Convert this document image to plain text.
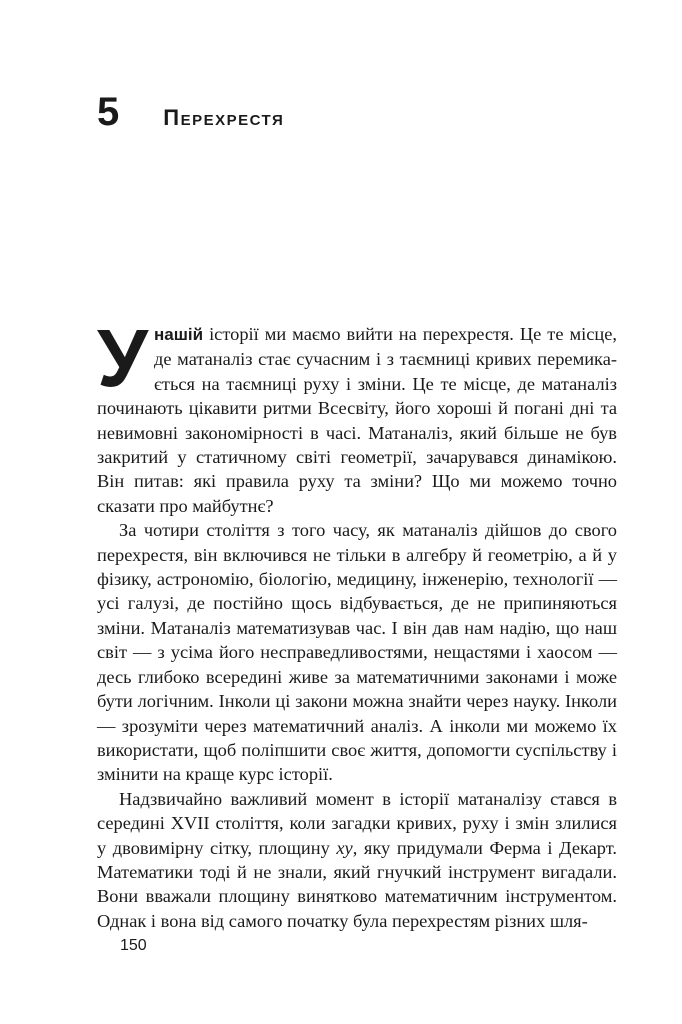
5 Перехрестя

Унашій історії ми маємо вийти на перехрестя. Це те місце, де матаналіз стає сучасним і з таємниці кривих перемикається на таємниці руху і зміни. Це те місце, де матаналіз починають цікавити ритми Всесвіту, його хороші й погані дні та невимовні закономірності в часі. Матаналіз, який більше не був закритий у статичному світі геометрії, зачарувався динамікою. Він питав: які правила руху та зміни? Що ми можемо точно сказати про майбутнє?

За чотири століття з того часу, як матаналіз дійшов до свого перехрестя, він включився не тільки в алгебру й геометрію, а й у фізику, астрономію, біологію, медицину, інженерію, технології — усі галузі, де постійно щось відбувається, де не припиняються зміни. Матаналіз математизував час. І він дав нам надію, що наш світ — з усіма його несправедливостями, нещастями і хаосом — десь глибоко всередині живе за математичними законами і може бути логічним. Інколи ці закони можна знайти через науку. Інколи — зрозуміти через математичний аналіз. А інколи ми можемо їх використати, щоб поліпшити своє життя, допомогти суспільству і змінити на краще курс історії.

Надзвичайно важливий момент в історії матаналізу стався в середині XVII століття, коли загадки кривих, руху і змін злилися у двовимірну сітку, площину xy, яку придумали Ферма і Декарт. Математики тоді й не знали, який гнучкий інструмент вигадали. Вони вважали площину винятково математичним інструментом. Однак і вона від самого початку була перехрестям різних шля-

150
